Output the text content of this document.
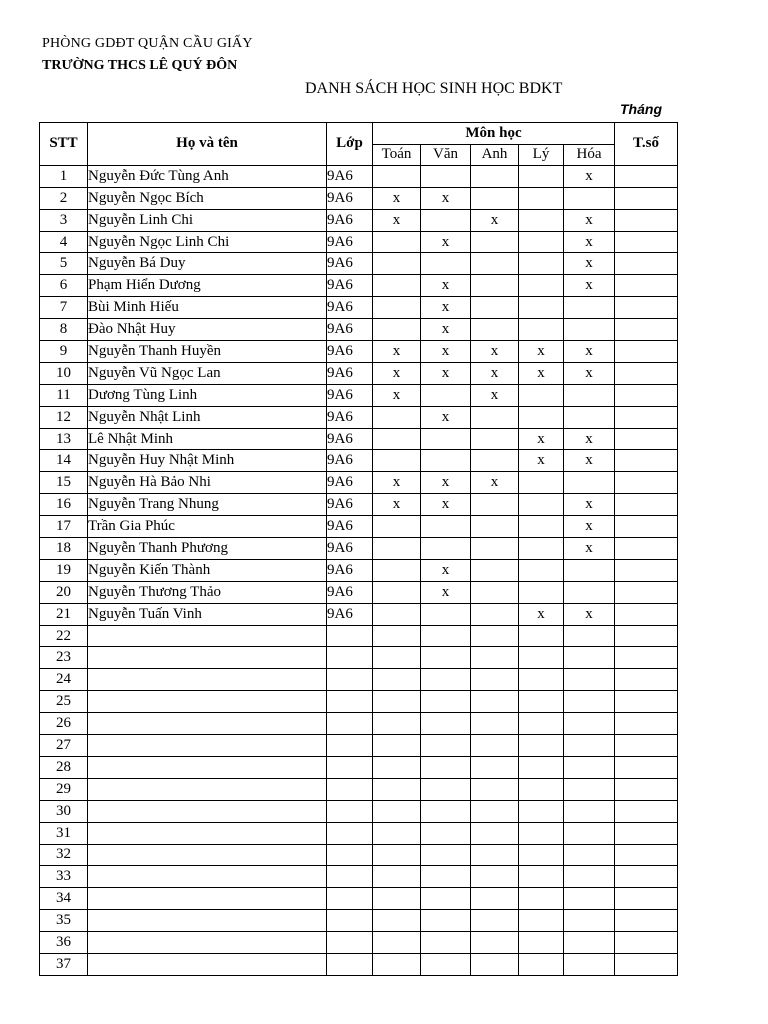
PHÒNG GDĐT QUẬN CẦU GIẤY
TRƯỜNG THCS LÊ QUÝ ĐÔN
DANH SÁCH HỌC SINH HỌC BDKT
Tháng
STT	Họ và tên	Lớp	Môn học					T.số
			Toán	Văn	Anh	Lý	Hóa	
1	Nguyễn Đức Tùng Anh	9A6					x	
2	Nguyễn Ngọc Bích	9A6	x	x				
3	Nguyễn Linh Chi	9A6	x		x		x	
4	Nguyễn Ngọc Linh Chi	9A6		x			x	
5	Nguyễn Bá Duy	9A6					x	
6	Phạm Hiển Dương	9A6		x			x	
7	Bùi Minh Hiếu	9A6		x				
8	Đào Nhật Huy	9A6		x				
9	Nguyễn Thanh Huyền	9A6	x	x	x	x	x	
10	Nguyễn Vũ Ngọc Lan	9A6	x	x	x	x	x	
11	Dương Tùng Linh	9A6	x		x			
12	Nguyễn Nhật Linh	9A6		x				
13	Lê Nhật Minh	9A6				x	x	
14	Nguyễn Huy Nhật Minh	9A6				x	x	
15	Nguyễn Hà Bảo Nhi	9A6	x	x	x			
16	Nguyễn Trang Nhung	9A6	x	x			x	
17	Trần Gia Phúc	9A6					x	
18	Nguyễn Thanh Phương	9A6					x	
19	Nguyễn Kiến Thành	9A6		x				
20	Nguyễn Thương Thảo	9A6		x				
21	Nguyễn Tuấn Vinh	9A6				x	x	
22								
23								
24								
25								
26								
27								
28								
29								
30								
31								
32								
33								
34								
35								
36								
37								
